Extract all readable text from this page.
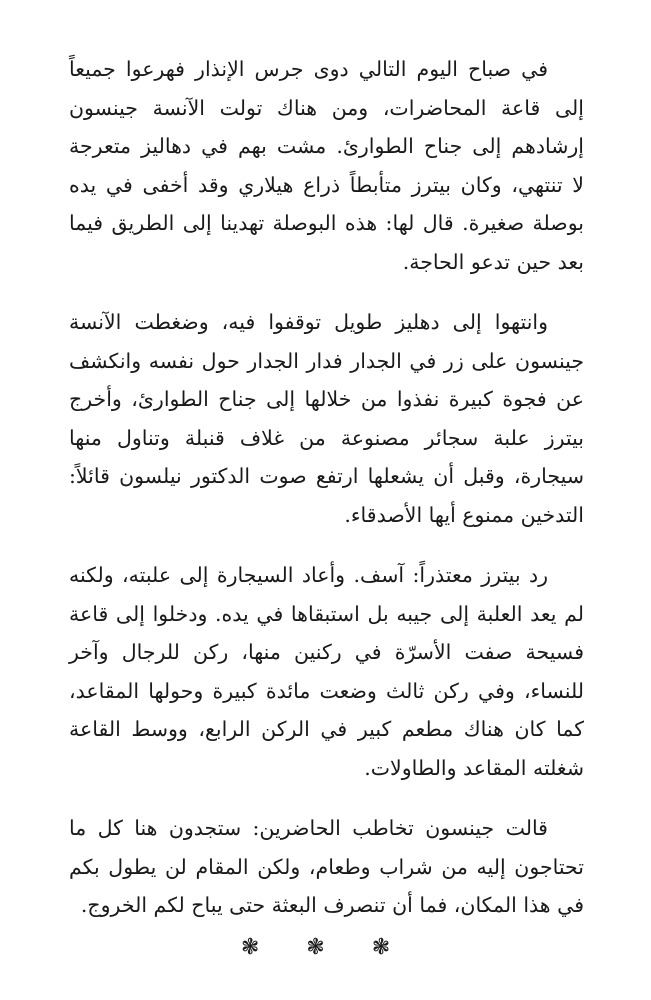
في صباح اليوم التالي دوى جرس الإنذار فهرعوا جميعاً
إلى قاعة المحاضرات، ومن هناك تولت الآنسة جينسون
إرشادهم إلى جناح الطوارئ. مشت بهم في دهاليز متعرجة
لا تنتهي، وكان بيترز متأبطاً ذراع هيلاري وقد أخفى في يده
بوصلة صغيرة. قال لها: هذه البوصلة تهدينا إلى الطريق فيما
بعد حين تدعو الحاجة.
وانتهوا إلى دهليز طويل توقفوا فيه، وضغطت الآنسة
جينسون على زر في الجدار فدار الجدار حول نفسه وانكشف
عن فجوة كبيرة نفذوا من خلالها إلى جناح الطوارئ، وأخرج
بيترز علبة سجائر مصنوعة من غلاف قنبلة وتناول منها
سيجارة، وقبل أن يشعلها ارتفع صوت الدكتور نيلسون قائلاً:
التدخين ممنوع أيها الأصدقاء.
رد بيترز معتذراً: آسف. وأعاد السيجارة إلى علبته، ولكنه
لم يعد العلبة إلى جيبه بل استبقاها في يده. ودخلوا إلى قاعة
فسيحة صفت الأسرّة في ركنين منها، ركن للرجال وآخر
للنساء، وفي ركن ثالث وضعت مائدة كبيرة وحولها المقاعد،
كما كان هناك مطعم كبير في الركن الرابع، ووسط القاعة
شغلته المقاعد والطاولات.
قالت جينسون تخاطب الحاضرين: ستجدون هنا كل ما
تحتاجون إليه من شراب وطعام، ولكن المقام لن يطول بكم
في هذا المكان، فما أن تنصرف البعثة حتى يباح لكم الخروج.
❃ ❃ ❃
